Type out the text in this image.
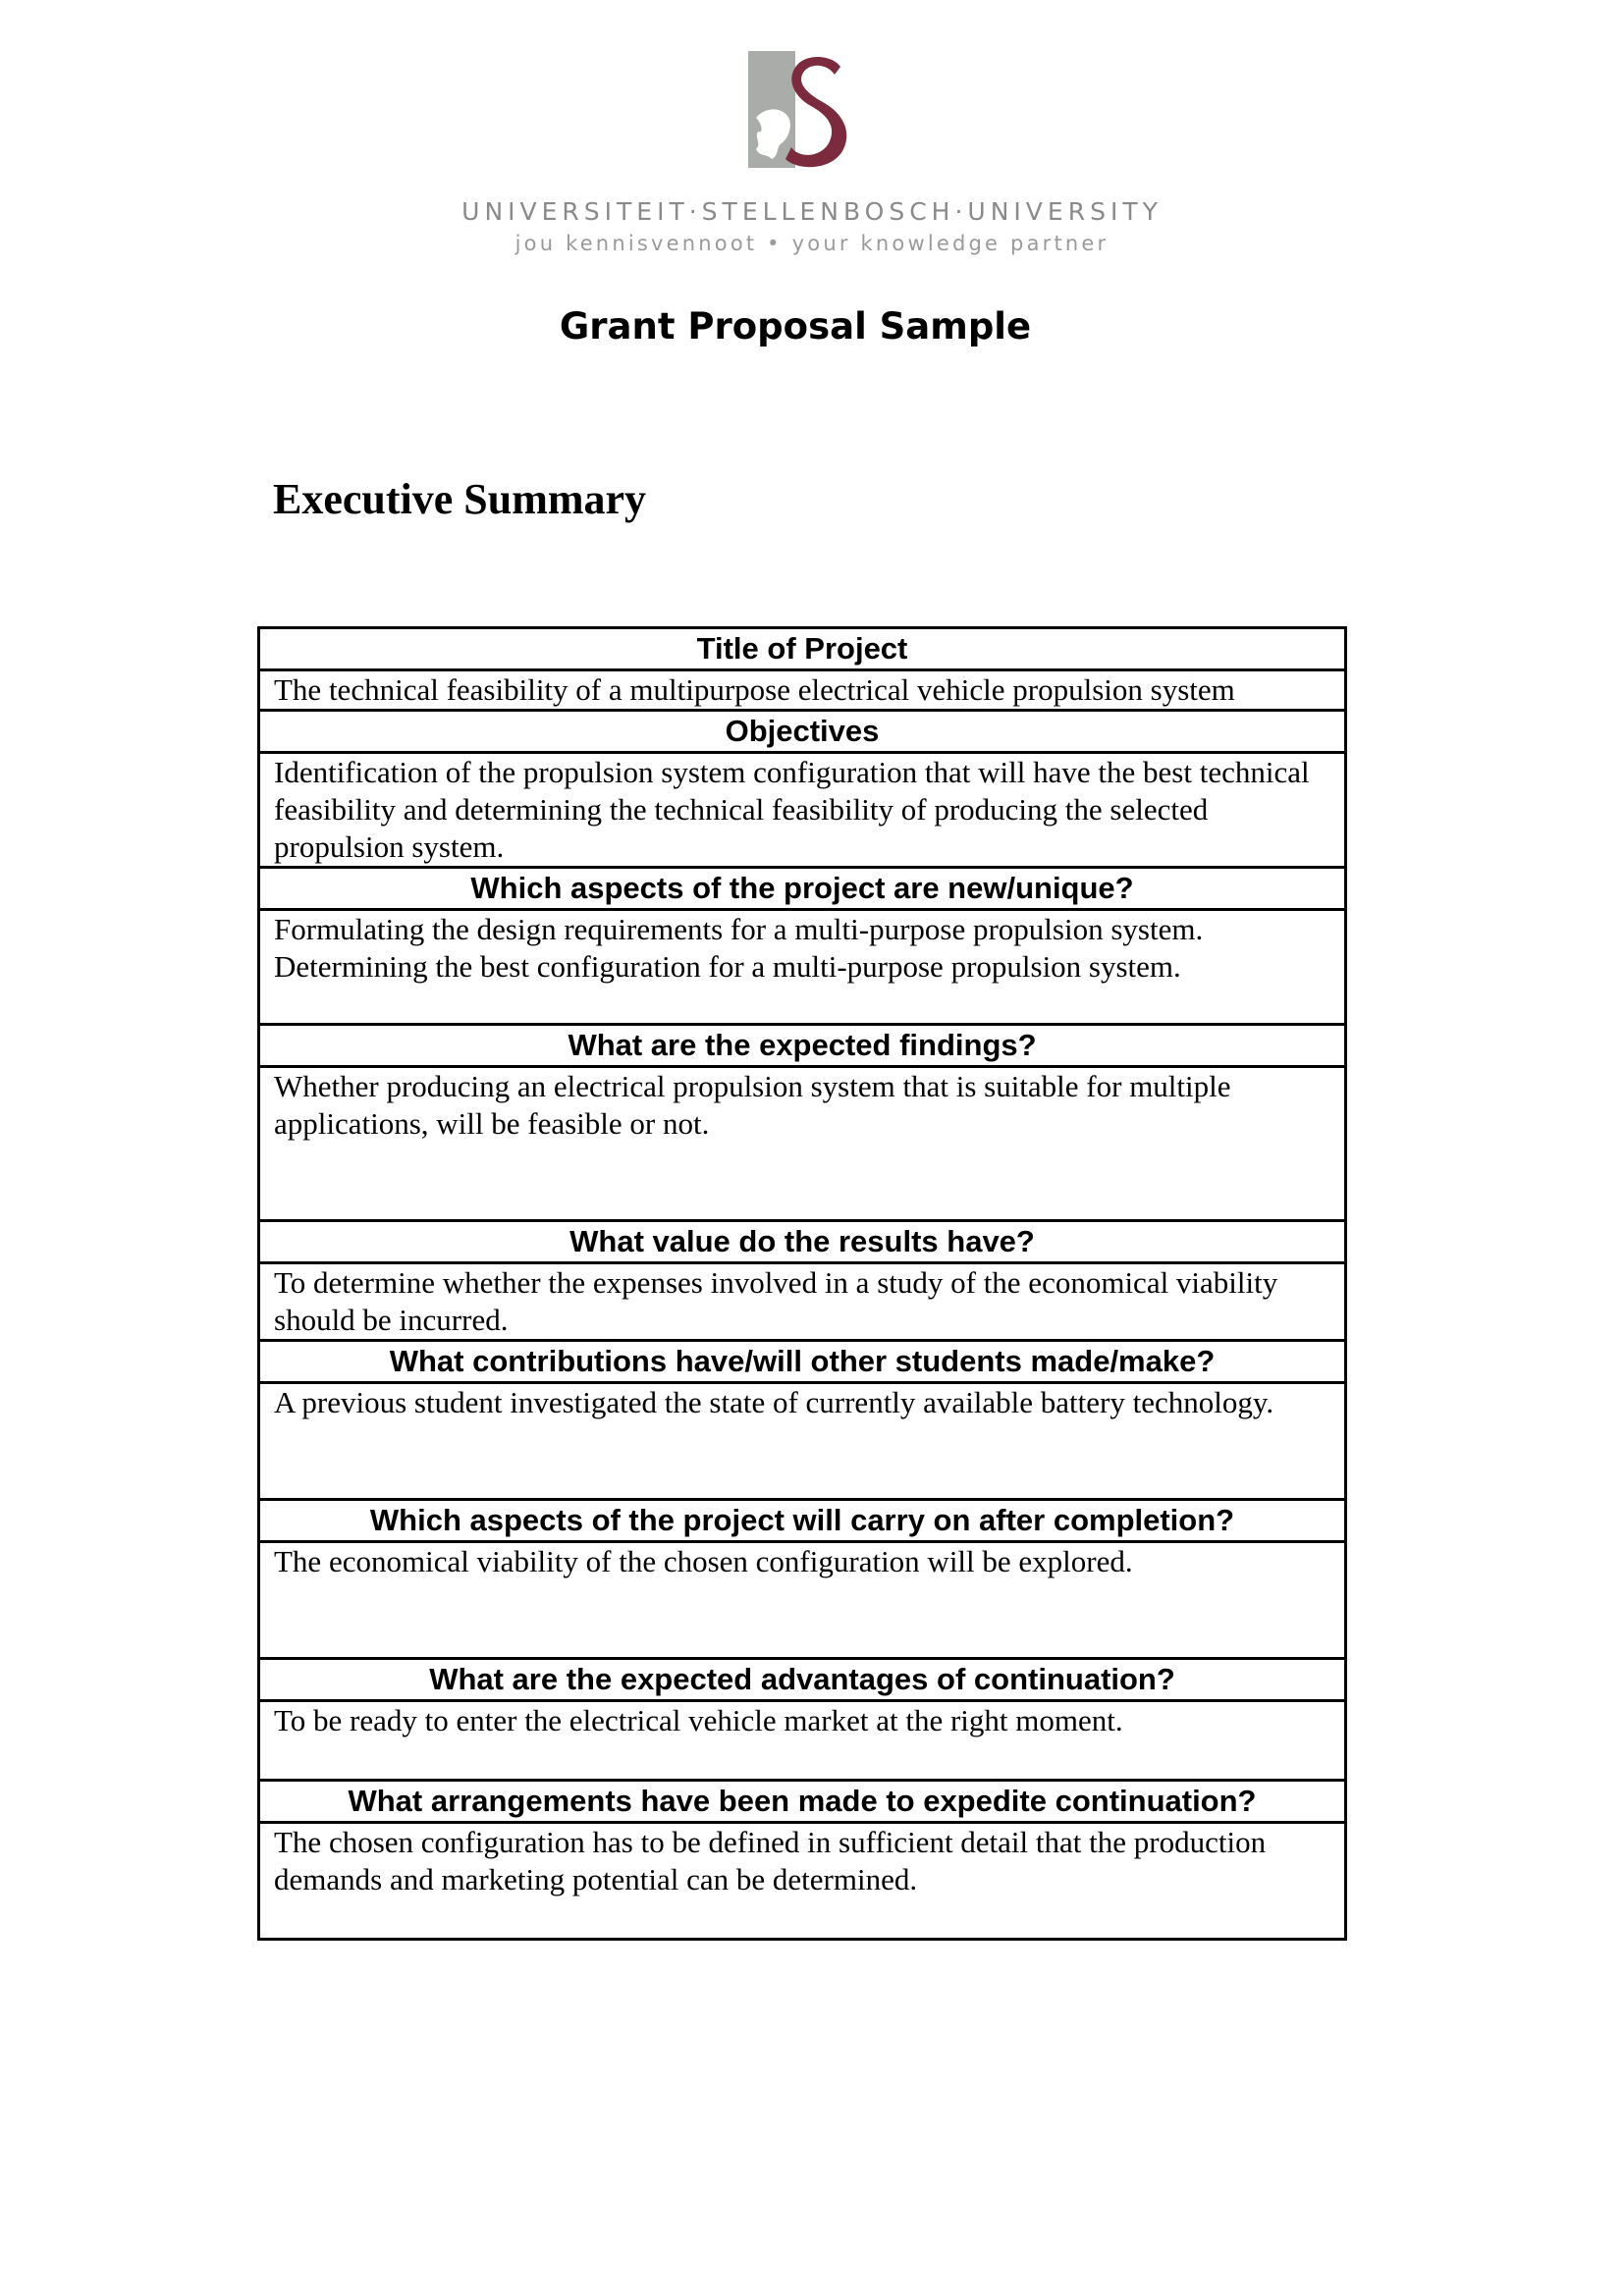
UNIVERSITEIT·STELLENBOSCH·UNIVERSITY
jou kennisvennoot • your knowledge partner
Grant Proposal Sample
Executive Summary
Title of Project
The technical feasibility of a multipurpose electrical vehicle propulsion system
Objectives
Identification of the propulsion system configuration that will have the best technical feasibility and determining the technical feasibility of producing the selected propulsion system.
Which aspects of the project are new/unique?
Formulating the design requirements for a multi-purpose propulsion system. Determining the best configuration for a multi-purpose propulsion system.
What are the expected findings?
Whether producing an electrical propulsion system that is suitable for multiple applications, will be feasible or not.
What value do the results have?
To determine whether the expenses involved in a study of the economical viability should be incurred.
What contributions have/will other students made/make?
A previous student investigated the state of currently available battery technology.
Which aspects of the project will carry on after completion?
The economical viability of the chosen configuration will be explored.
What are the expected advantages of continuation?
To be ready to enter the electrical vehicle market at the right moment.
What arrangements have been made to expedite continuation?
The chosen configuration has to be defined in sufficient detail that the production demands and marketing potential can be determined.
